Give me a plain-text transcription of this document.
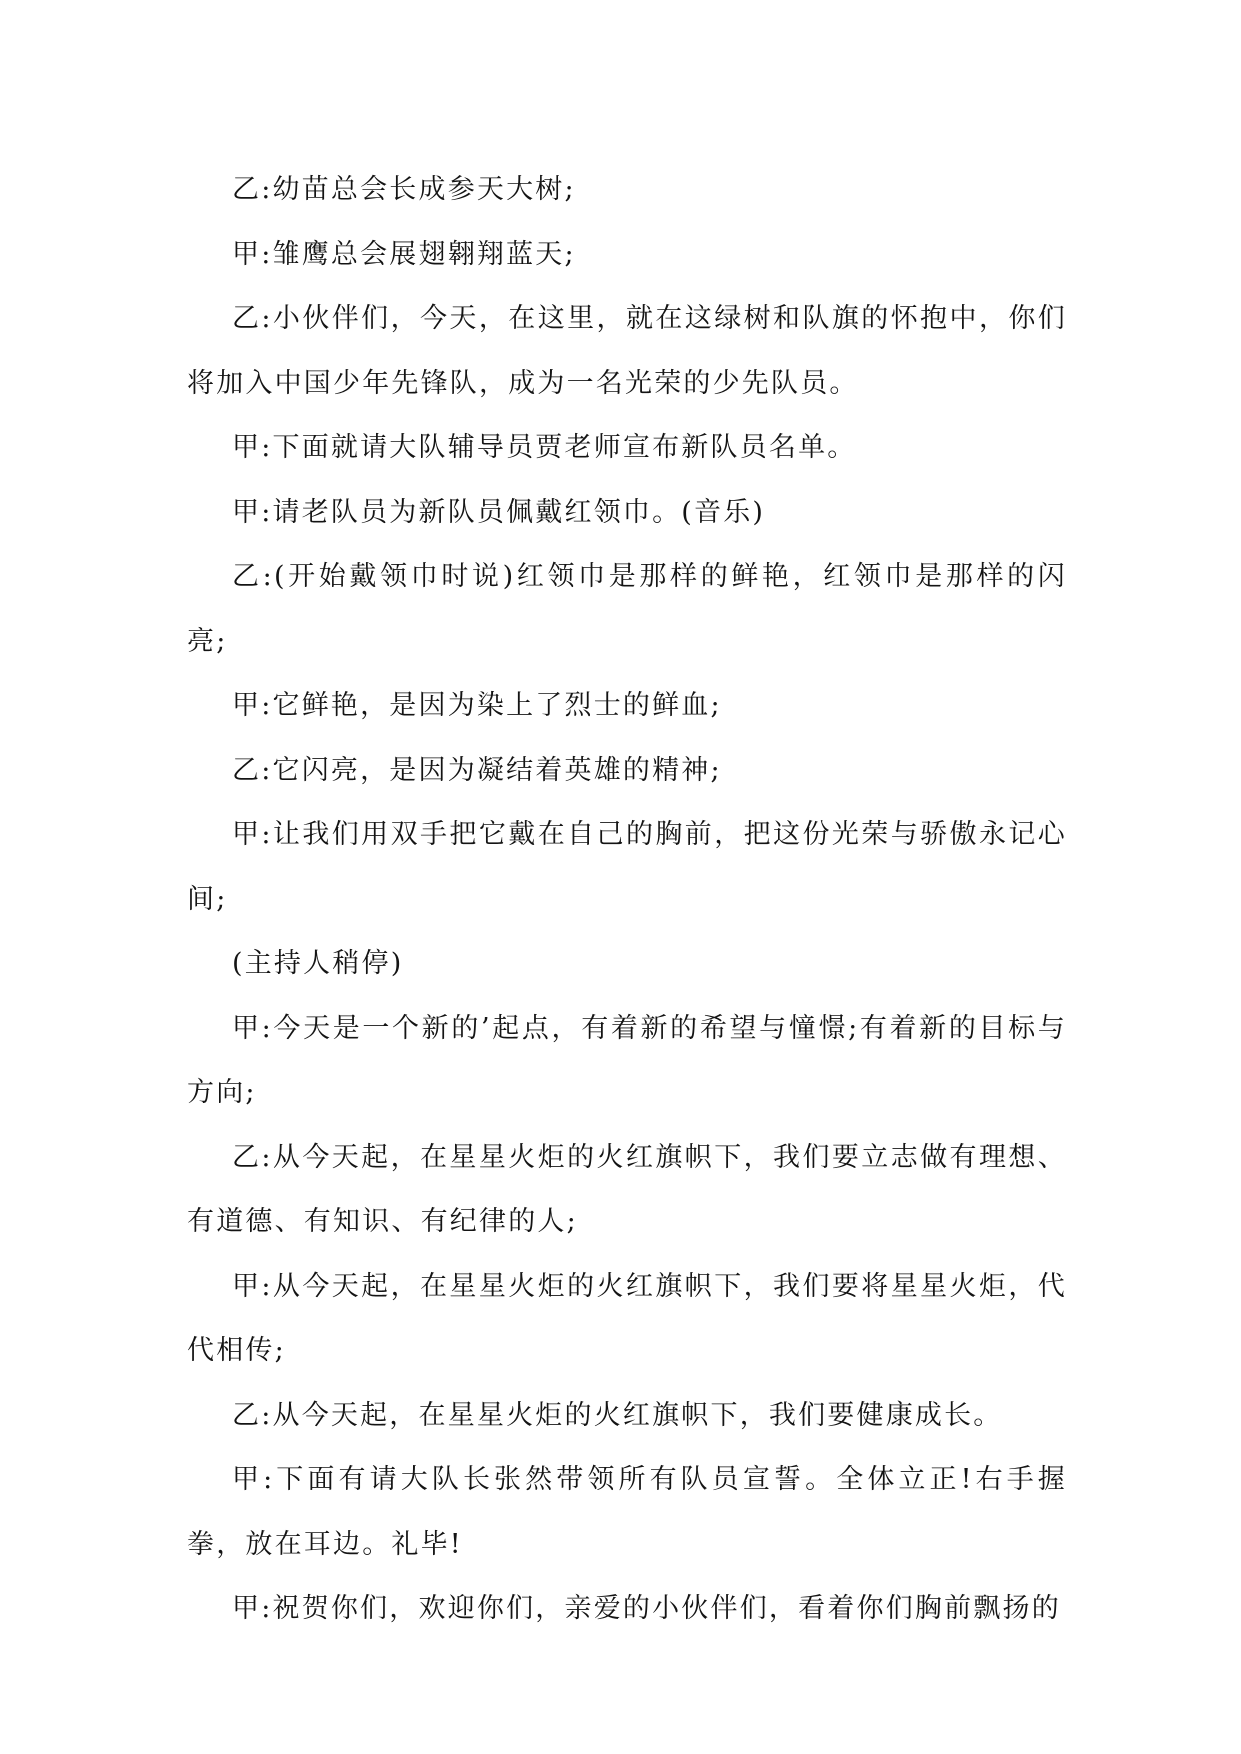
乙:幼苗总会长成参天大树;

甲:雏鹰总会展翅翱翔蓝天;

乙:小伙伴们，今天，在这里，就在这绿树和队旗的怀抱中，你们将加入中国少年先锋队，成为一名光荣的少先队员。

甲:下面就请大队辅导员贾老师宣布新队员名单。

甲:请老队员为新队员佩戴红领巾。(音乐)

乙:(开始戴领巾时说)红领巾是那样的鲜艳，红领巾是那样的闪亮;

甲:它鲜艳，是因为染上了烈士的鲜血;

乙:它闪亮，是因为凝结着英雄的精神;

甲:让我们用双手把它戴在自己的胸前，把这份光荣与骄傲永记心间;

(主持人稍停)

甲:今天是一个新的’起点，有着新的希望与憧憬;有着新的目标与方向;

乙:从今天起，在星星火炬的火红旗帜下，我们要立志做有理想、有道德、有知识、有纪律的人;

甲:从今天起，在星星火炬的火红旗帜下，我们要将星星火炬，代代相传;

乙:从今天起，在星星火炬的火红旗帜下，我们要健康成长。

甲:下面有请大队长张然带领所有队员宣誓。全体立正!右手握拳，放在耳边。礼毕!

甲:祝贺你们，欢迎你们，亲爱的小伙伴们，看着你们胸前飘扬的
